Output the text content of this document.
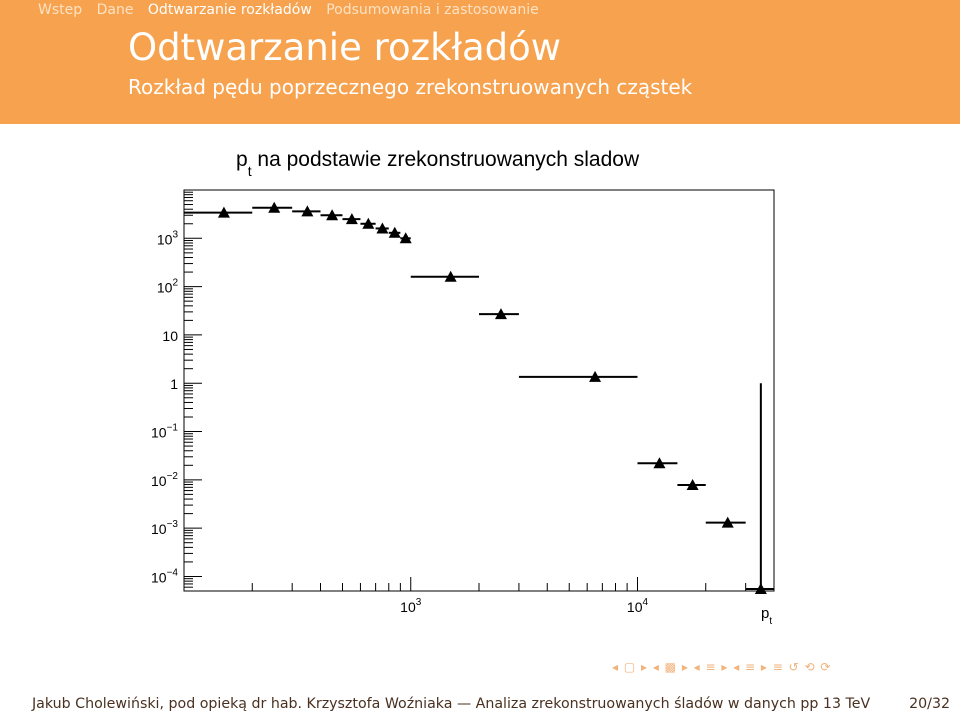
Wstep Dane Odtwarzanie rozkładów Podsumowania i zastosowanie
Odtwarzanie rozkładów
Rozkład pędu poprzecznego zrekonstruowanych cząstek
$p_t$ na podstawie zrekonstruowanych sladow
$10^3$
$10^2$
10
1
$10^{-1}$
$10^{-2}$
$10^{-3}$
$10^{-4}$
$10^3$	$10^4$
$p_t$
◂ ▢ ▸ ◂ ▩ ▸ ◂ ≡ ▸ ◂ ≡ ▸ ≡ ↺ ⟲ ⟳
Jakub Cholewiński, pod opieką dr hab. Krzysztofa Woźniaka — Analiza zrekonstruowanych śladów w danych pp 13 TeV	20/32
